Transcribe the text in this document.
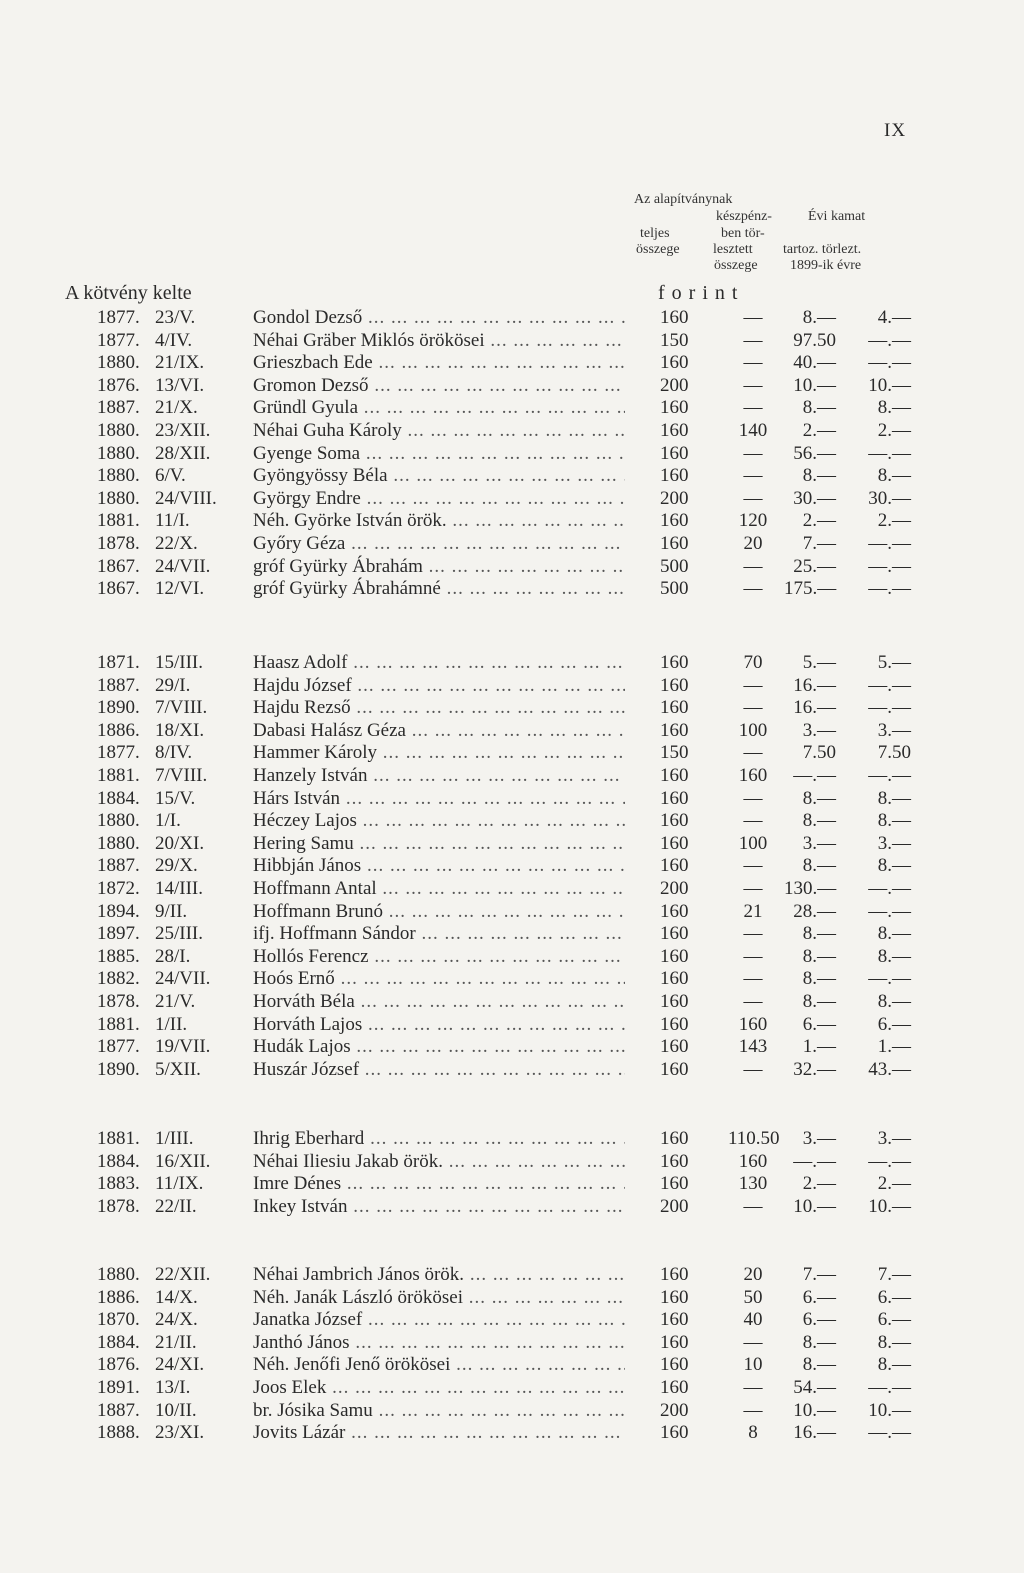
IX
Az alapítványnak
teljes
összege
készpénz-
ben tör-
lesztett
összege
Évi kamat
tartoz. törlezt.
1899-ik évre
A kötvény kelte	forint
1877. 23/V.	Gondol Dezső ... .	160	—	8.—	4.—
1877. 4/IV.	Néhai Gräber Miklós örökösei ... .	150	—	97.50	—.—
1880. 21/IX.	Grieszbach Ede ... .	160	—	40.—	—.—
1876. 13/VI.	Gromon Dezső ... .	200	—	10.—	10.—
1887. 21/X.	Gründl Gyula ... .	160	—	8.—	8.—
1880. 23/XII. Néhai Guha Károly ... .	160	140	2.—	2.—
1880. 28/XII. Gyenge Soma ... .	160	—	56.—	—.—
1880. 6/V.	Gyöngyössy Béla ... .	160	—	8.—	8.—
1880. 24/VIII. György Endre ... .	200	—	30.—	30.—
1881. 11/I.	Néh. Györke István örök. ... .	160	120	2.—	2.—
1878. 22/X.	Győry Géza ... .	160	20	7.—	—.—
1867. 24/VII. gróf Gyürky Ábrahám ... .	500	—	25.—	—.—
1867. 12/VI.	gróf Gyürky Ábrahámné ... .	500	—	175.—	—.—
1871. 15/III.	Haasz Adolf ... .	160	70	5.—	5.—
1887. 29/I.	Hajdu József ... .	160	—	16.—	—.—
1890. 7/VIII. Hajdu Rezső ... .	160	—	16.—	—.—
1886. 18/XI.	Dabasi Halász Géza ... .	160	100	3.—	3.—
1877. 8/IV.	Hammer Károly ... .	150	—	7.50	7.50
1881. 7/VIII. Hanzely István ... .	160	160	—.—	—.—
1884. 15/V.	Hárs István ... .	160	—	8.—	8.—
1880. 1/I.	Héczey Lajos ... .	160	—	8.—	8.—
1880. 20/XI.	Hering Samu ... .	160	100	3.—	3.—
1887. 29/X.	Hibbján János ... .	160	—	8.—	8.—
1872. 14/III.	Hoffmann Antal ... .	200	—	130.—	—.—
1894. 9/II.	Hoffmann Brunó ... .	160	21	28.—	—.—
1897. 25/III.	ifj. Hoffmann Sándor ... .	160	—	8.—	8.—
1885. 28/I.	Hollós Ferencz ... .	160	—	8.—	8.—
1882. 24/VII. Hoós Ernő ... .	160	—	8.—	—.—
1878. 21/V.	Horváth Béla ... .	160	—	8.—	8.—
1881. 1/II.	Horváth Lajos ... .	160	160	6.—	6.—
1877. 19/VII. Hudák Lajos ... .	160	143	1.—	1.—
1890. 5/XII.	Huszár József ... .	160	—	32.—	43.—
1881. 1/III.	Ihrig Eberhard ... .	160 110.50	3.—	3.—
1884. 16/XII. Néhai Iliesiu Jakab örök. ... .	160	160	—.—	—.—
1883. 11/IX.	Imre Dénes ... .	160	130	2.—	2.—
1878. 22/II.	Inkey István ... .	200	—	10.—	10.—
1880. 22/XII. Néhai Jambrich János örök. ... .	160	20	7.—	7.—
1886. 14/X.	Néh. Janák László örökösei ... .	160	50	6.—	6.—
1870. 24/X.	Janatka József ... .	160	40	6.—	6.—
1884. 21/II.	Janthó János ... .	160	—	8.—	8.—
1876. 24/XI.	Néh. Jenőfi Jenő örökösei ... .	160	10	8.—	8.—
1891. 13/I.	Joos Elek ... .	160	—	54.—	—.—
1887. 10/II.	br. Jósika Samu ... .	200	—	10.—	10.—
1888. 23/XI.	Jovits Lázár ... .	160	8	16.—	—.—
